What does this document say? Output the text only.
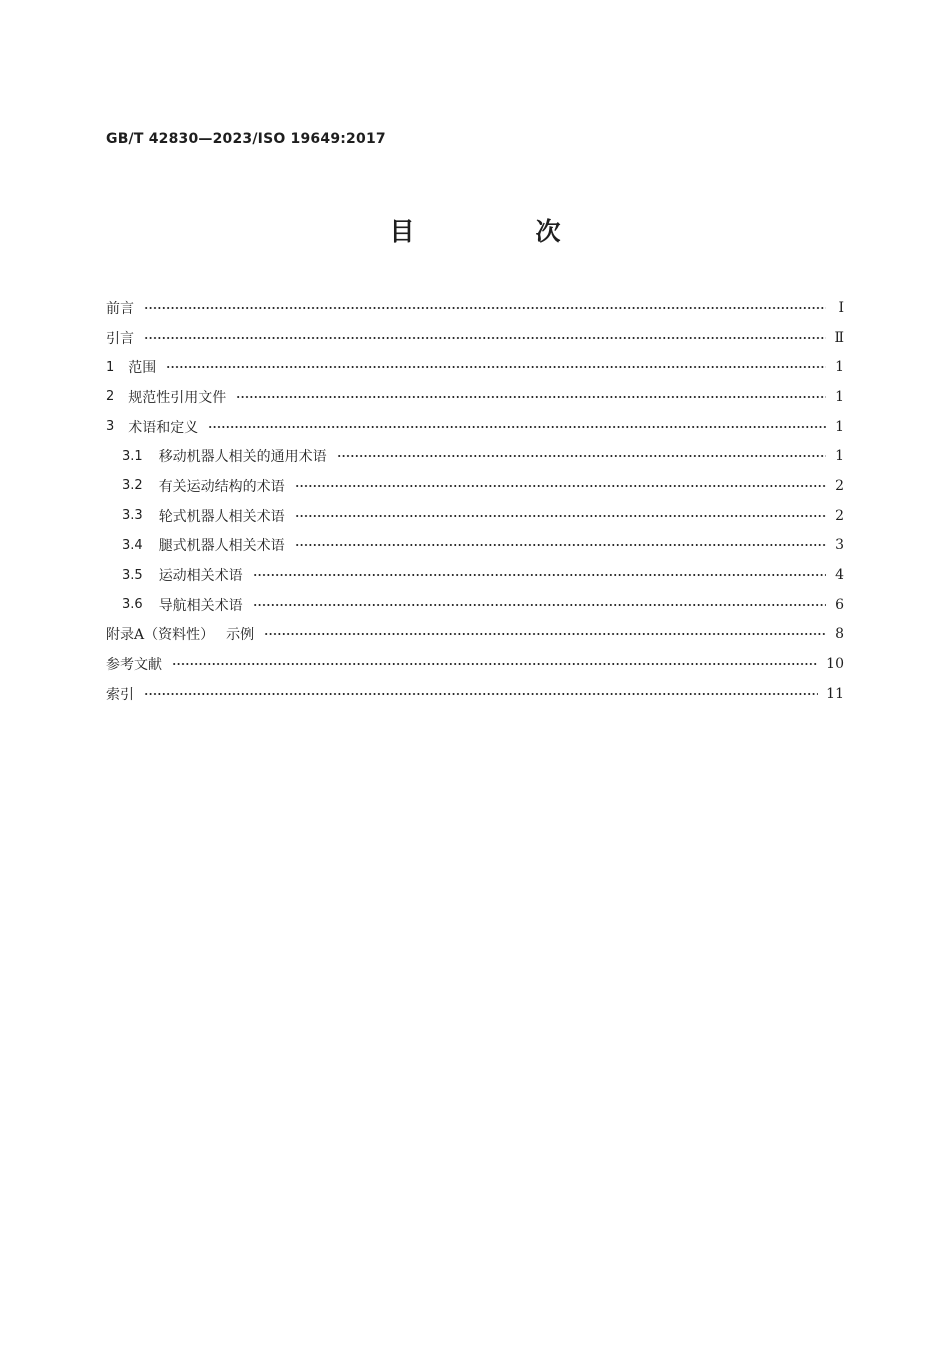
GB/T 42830—2023/ISO 19649:2017
目　次
前言	Ⅰ
引言	Ⅱ
1 范围	1
2 规范性引用文件	1
3 术语和定义	1
3.1 移动机器人相关的通用术语	1
3.2 有关运动结构的术语	2
3.3 轮式机器人相关术语	2
3.4 腿式机器人相关术语	3
3.5 运动相关术语	4
3.6 导航相关术语	6
附录A（资料性） 示例	8
参考文献	10
索引	11
